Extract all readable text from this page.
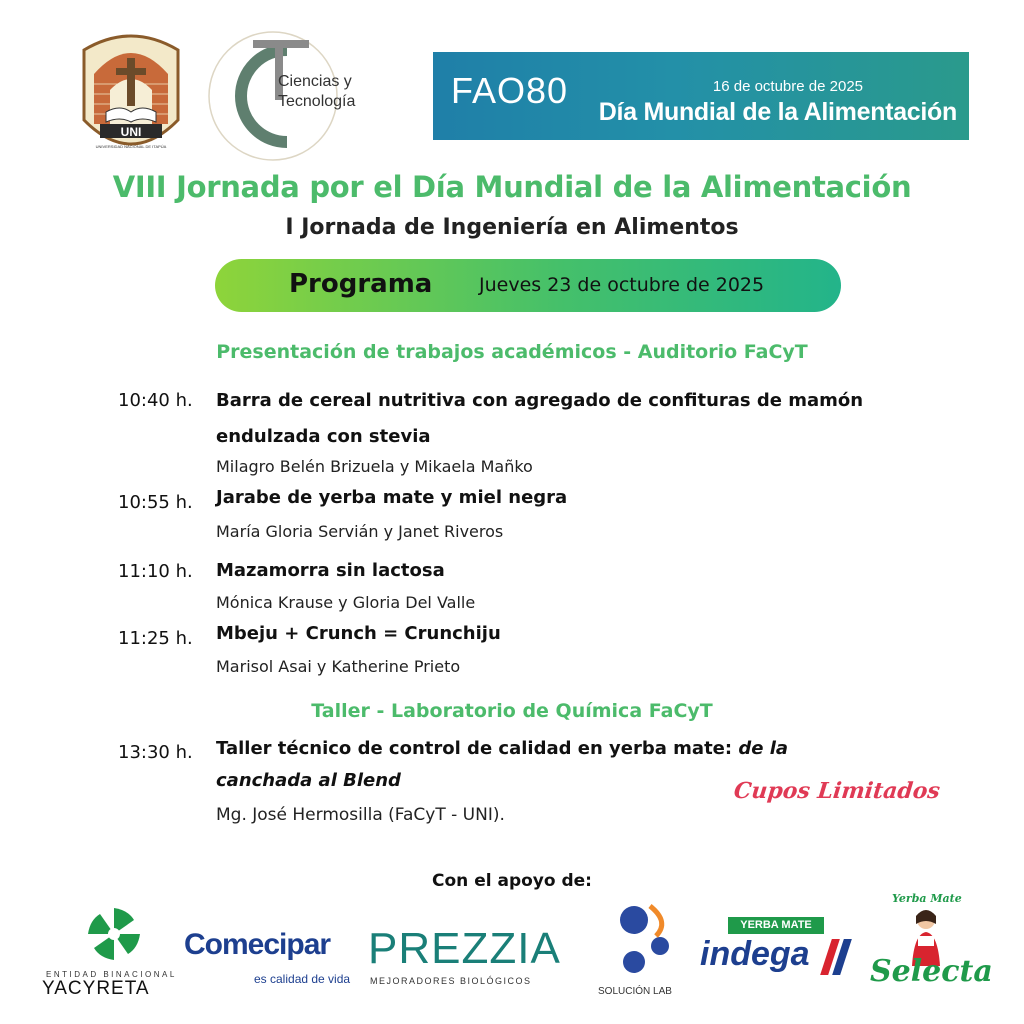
UNI
UNIVERSIDAD NACIONAL DE ITAPÚA
Ciencias y
Tecnología	FAO80	16 de octubre de 2025
Día Mundial de la Alimentación
VIII Jornada por el Día Mundial de la Alimentación
I Jornada de Ingeniería en Alimentos
Programa Jueves 23 de octubre de 2025
Presentación de trabajos académicos - Auditorio FaCyT
10:40 h. Barra de cereal nutritiva con agregado de confituras de mamón
endulzada con stevia
Milagro Belén Brizuela y Mikaela Mañko
10:55 h. Jarabe de yerba mate y miel negra
María Gloria Servián y Janet Riveros
11:10 h. Mazamorra sin lactosa
Mónica Krause y Gloria Del Valle
11:25 h. Mbeju + Crunch = Crunchiju
Marisol Asai y Katherine Prieto
Taller - Laboratorio de Química FaCyT
13:30 h. Taller técnico de control de calidad en yerba mate: de la
canchada al Blend
Mg. José Hermosilla (FaCyT - UNI).
Cupos Limitados
Con el apoyo de:
ENTIDAD BINACIONAL
YACYRETA
Comecipar
es calidad de vida
PREZZIA
MEJORADORES BIOLÓGICOS
SOLUCIÓN LAB
YERBA MATE
indega
Yerba Mate
Selecta
